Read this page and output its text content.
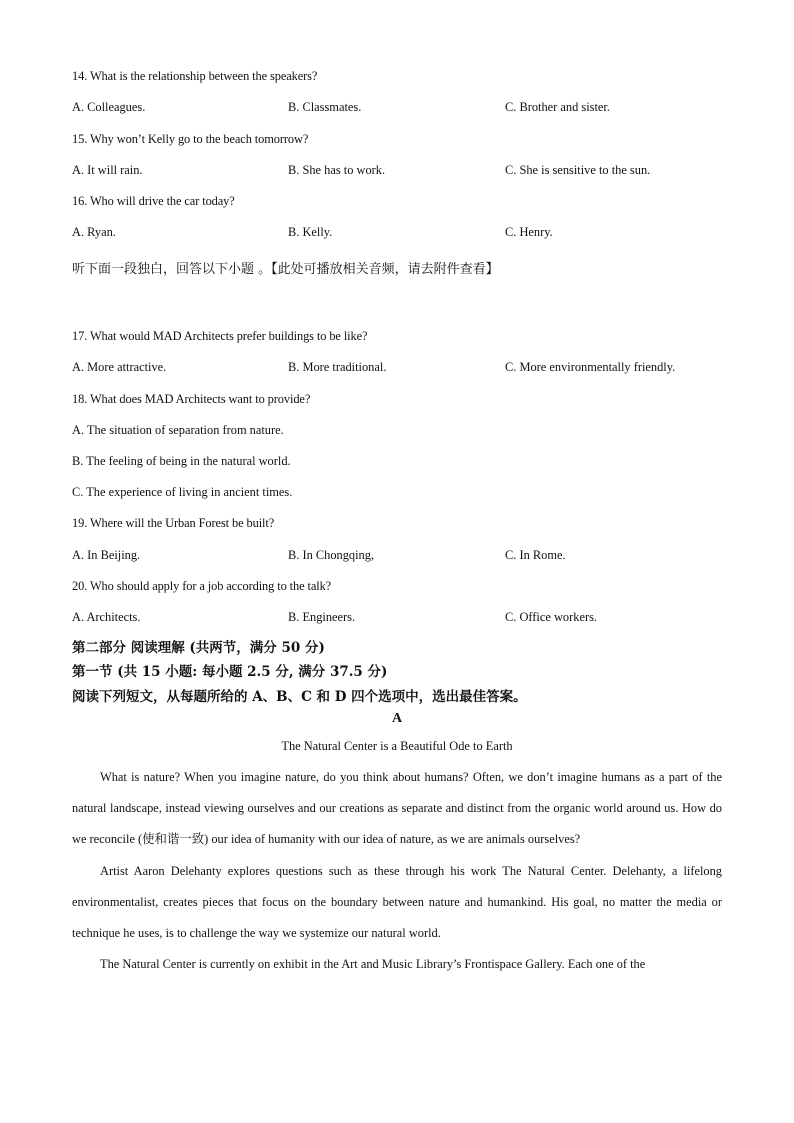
14. What is the relationship between the speakers?
A. Colleagues.	B. Classmates.	C. Brother and sister.
15. Why won’t Kelly go to the beach tomorrow?
A. It will rain.	B. She has to work.	C. She is sensitive to the sun.
16. Who will drive the car today?
A. Ryan.	B. Kelly.	C. Henry.
听下面一段独白，回答以下小题 。【此处可播放相关音频，请去附件查看】
17. What would MAD Architects prefer buildings to be like?
A. More attractive.	B. More traditional.	C. More environmentally friendly.
18. What does MAD Architects want to provide?
A. The situation of separation from nature.
B. The feeling of being in the natural world.
C. The experience of living in ancient times.
19. Where will the Urban Forest be built?
A. In Beijing.	B. In Chongqing,	C. In Rome.
20. Who should apply for a job according to the talk?
A. Architects.	B. Engineers.	C. Office workers.
第二部分 阅读理解 (共两节，满分 50 分)
第一节 (共 15 小题: 每小题 2.5 分, 满分 37.5 分)
阅读下列短文，从每题所给的 A、B、C 和 D 四个选项中，选出最佳答案。
A
The Natural Center is a Beautiful Ode to Earth

What is nature? When you imagine nature, do you think about humans? Often, we don’t imagine humans as a part of the natural landscape, instead viewing ourselves and our creations as separate and distinct from the organic world around us. How do we reconcile (使和谐一致) our idea of humanity with our idea of nature, as we are animals ourselves?

Artist Aaron Delehanty explores questions such as these through his work The Natural Center. Delehanty, a lifelong environmentalist, creates pieces that focus on the boundary between nature and humankind. His goal, no matter the media or technique he uses, is to challenge the way we systemize our natural world.

The Natural Center is currently on exhibit in the Art and Music Library’s Frontispace Gallery. Each one of the
